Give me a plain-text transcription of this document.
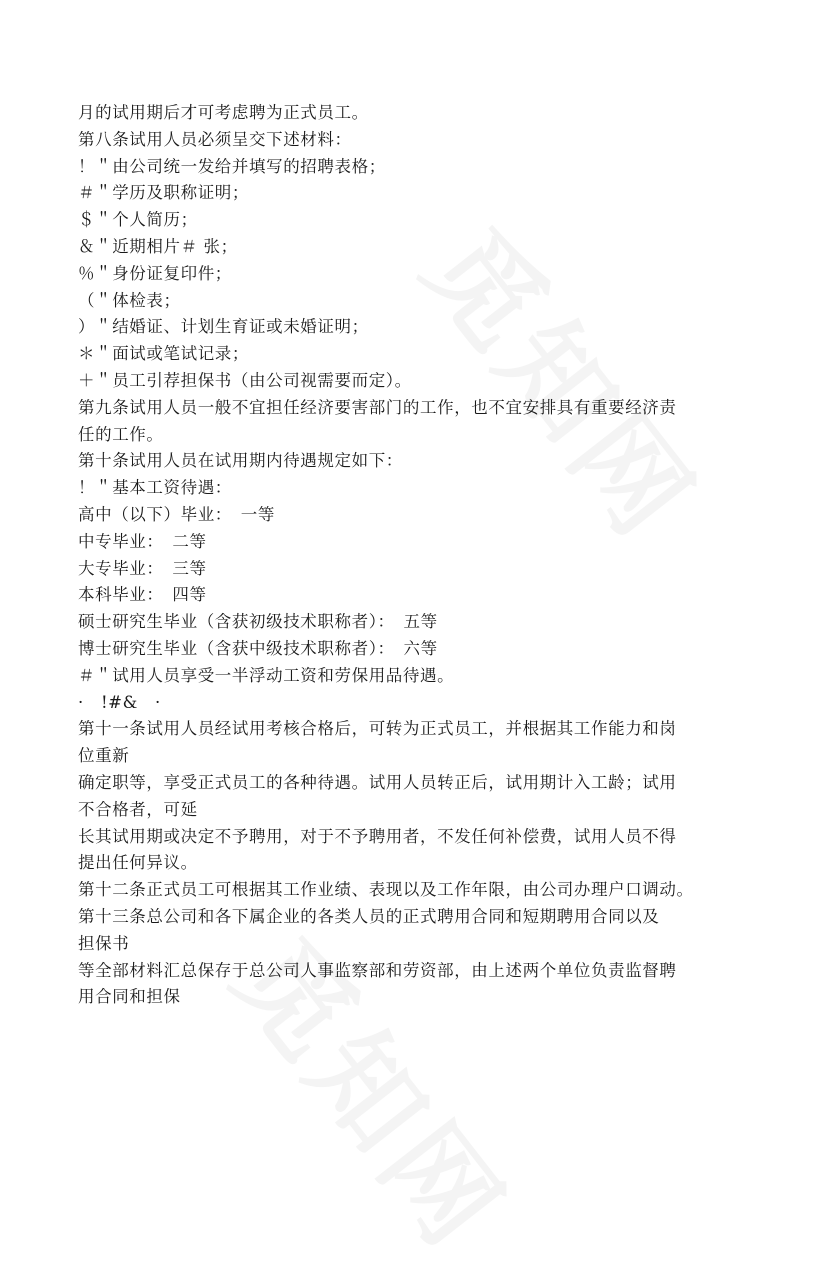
月的试用期后才可考虑聘为正式员工。
第八条试用人员必须呈交下述材料：
！＂由公司统一发给并填写的招聘表格；
＃＂学历及职称证明；
＄＂个人简历；
＆＂近期相片＃ 张；
％＂身份证复印件；
（＂体检表；
）＂结婚证、计划生育证或未婚证明；
＊＂面试或笔试记录；
＋＂员工引荐担保书（由公司视需要而定）。
第九条试用人员一般不宜担任经济要害部门的工作，也不宜安排具有重要经济责
任的工作。
第十条试用人员在试用期内待遇规定如下：
！＂基本工资待遇：
高中（以下）毕业：　一等
中专毕业：　二等
大专毕业：　三等
本科毕业：　四等
硕士研究生毕业（含获初级技术职称者）：　五等
博士研究生毕业（含获中级技术职称者）：　六等
＃＂试用人员享受一半浮动工资和劳保用品待遇。
·　!#&　·
第十一条试用人员经试用考核合格后，可转为正式员工，并根据其工作能力和岗
位重新
确定职等，享受正式员工的各种待遇。试用人员转正后，试用期计入工龄；试用
不合格者，可延
长其试用期或决定不予聘用，对于不予聘用者，不发任何补偿费，试用人员不得
提出任何异议。
第十二条正式员工可根据其工作业绩、表现以及工作年限，由公司办理户口调动。
第十三条总公司和各下属企业的各类人员的正式聘用合同和短期聘用合同以及
担保书
等全部材料汇总保存于总公司人事监察部和劳资部，由上述两个单位负责监督聘
用合同和担保
